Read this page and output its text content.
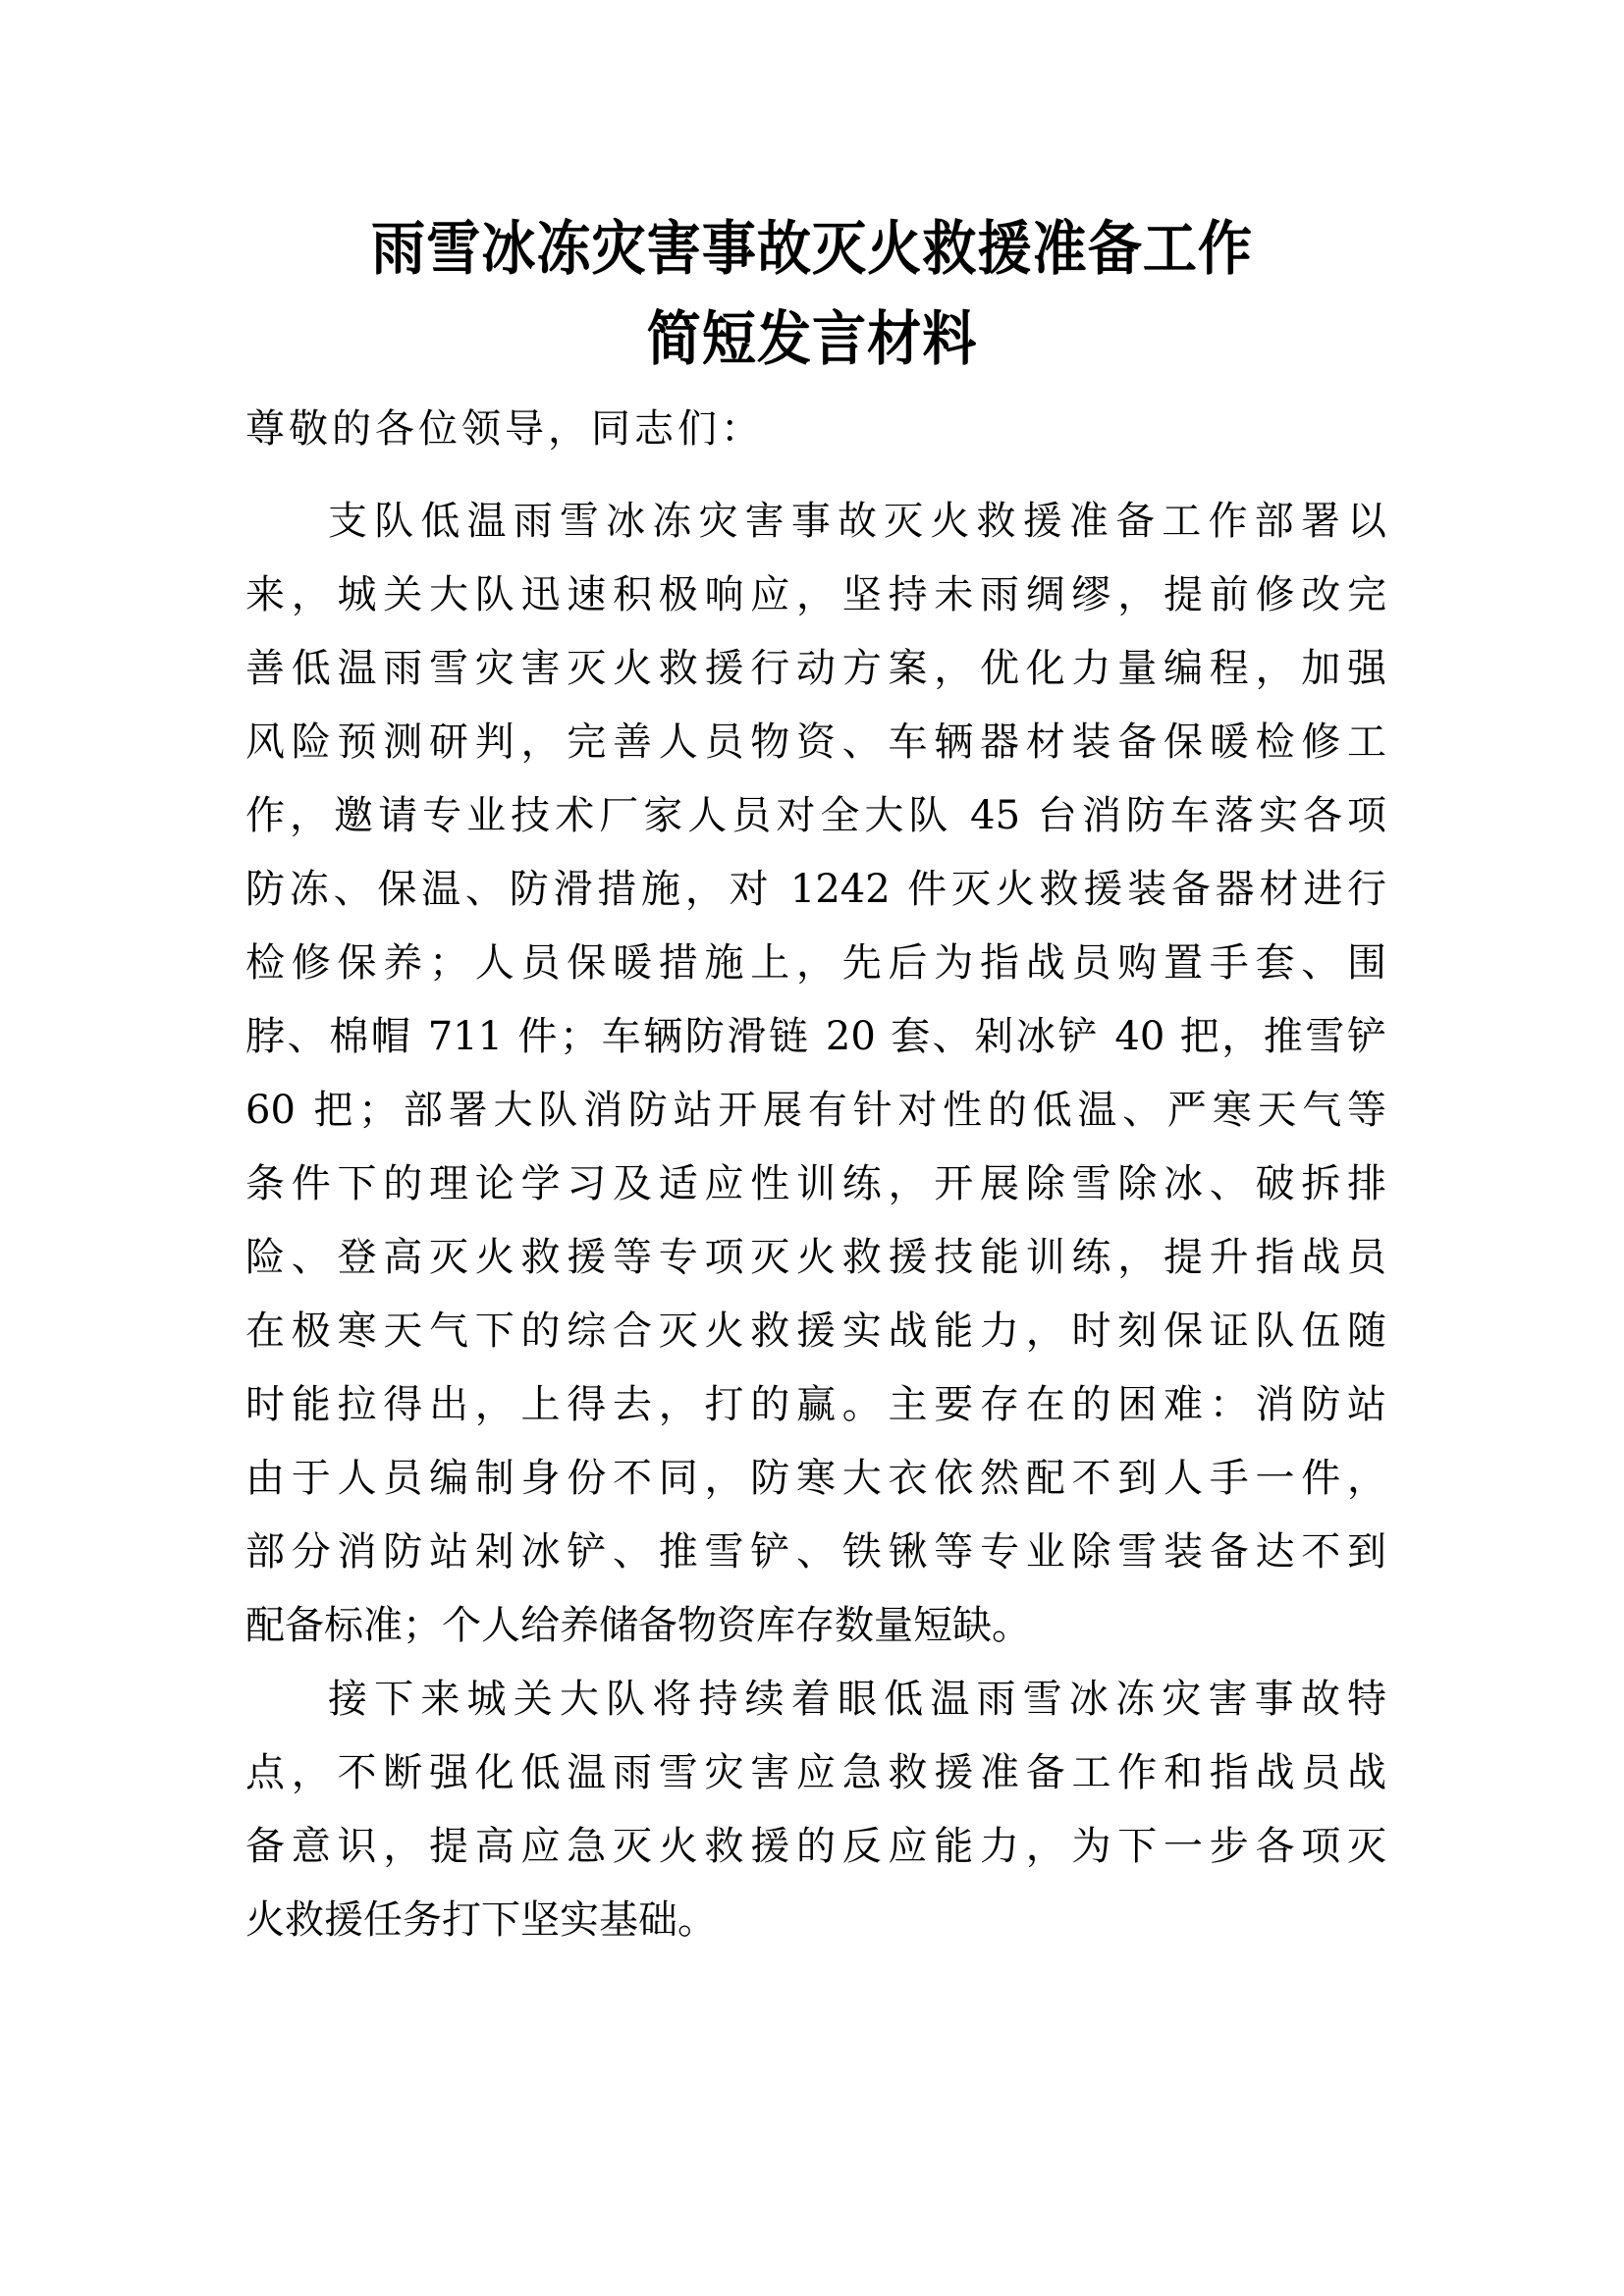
雨雪冰冻灾害事故灭火救援准备工作
简短发言材料
尊敬的各位领导，同志们：
支队低温雨雪冰冻灾害事故灭火救援准备工作部署以
来，城关大队迅速积极响应，坚持未雨绸缪，提前修改完
善低温雨雪灾害灭火救援行动方案，优化力量编程，加强
风险预测研判，完善人员物资、车辆器材装备保暖检修工
作，邀请专业技术厂家人员对全大队 45 台消防车落实各项
防冻、保温、防滑措施，对 1242 件灭火救援装备器材进行
检修保养；人员保暖措施上，先后为指战员购置手套、围
脖、棉帽 711 件；车辆防滑链 20 套、剁冰铲 40 把，推雪铲
60 把；部署大队消防站开展有针对性的低温、严寒天气等
条件下的理论学习及适应性训练，开展除雪除冰、破拆排
险、登高灭火救援等专项灭火救援技能训练，提升指战员
在极寒天气下的综合灭火救援实战能力，时刻保证队伍随
时能拉得出，上得去，打的赢。主要存在的困难：消防站
由于人员编制身份不同，防寒大衣依然配不到人手一件，
部分消防站剁冰铲、推雪铲、铁锹等专业除雪装备达不到
配备标准；个人给养储备物资库存数量短缺。
接下来城关大队将持续着眼低温雨雪冰冻灾害事故特
点，不断强化低温雨雪灾害应急救援准备工作和指战员战
备意识，提高应急灭火救援的反应能力，为下一步各项灭
火救援任务打下坚实基础。
